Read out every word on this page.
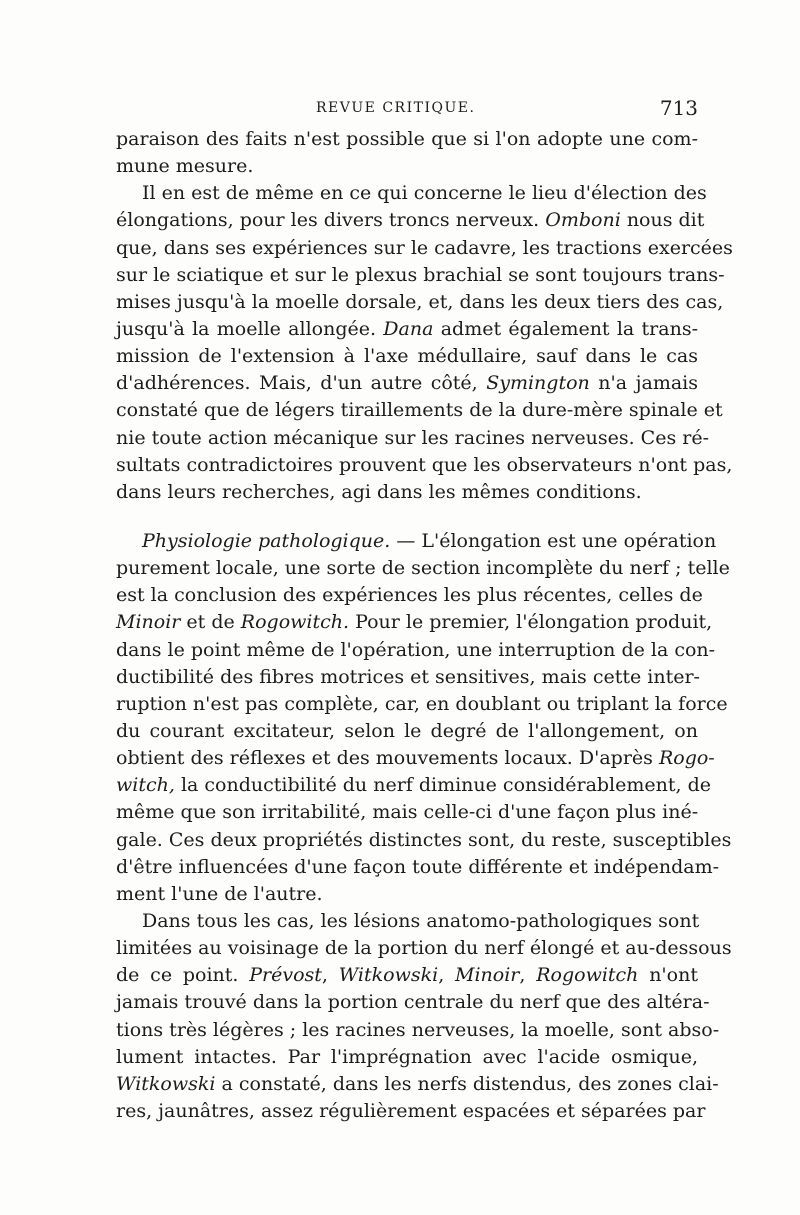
REVUE CRITIQUE.	713
paraison des faits n'est possible que si l'on adopte une com-
mune mesure.
Il en est de même en ce qui concerne le lieu d'élection des
élongations, pour les divers troncs nerveux. Omboni nous dit
que, dans ses expériences sur le cadavre, les tractions exercées
sur le sciatique et sur le plexus brachial se sont toujours trans-
mises jusqu'à la moelle dorsale, et, dans les deux tiers des cas,
jusqu'à la moelle allongée. Dana admet également la trans-
mission de l'extension à l'axe médullaire, sauf dans le cas
d'adhérences. Mais, d'un autre côté, Symington n'a jamais
constaté que de légers tiraillements de la dure-mère spinale et
nie toute action mécanique sur les racines nerveuses. Ces ré-
sultats contradictoires prouvent que les observateurs n'ont pas,
dans leurs recherches, agi dans les mêmes conditions.
Physiologie pathologique. — L'élongation est une opération
purement locale, une sorte de section incomplète du nerf ; telle
est la conclusion des expériences les plus récentes, celles de
Minoir et de Rogowitch. Pour le premier, l'élongation produit,
dans le point même de l'opération, une interruption de la con-
ductibilité des fibres motrices et sensitives, mais cette inter-
ruption n'est pas complète, car, en doublant ou triplant la force
du courant excitateur, selon le degré de l'allongement, on
obtient des réflexes et des mouvements locaux. D'après Rogo-
witch, la conductibilité du nerf diminue considérablement, de
même que son irritabilité, mais celle-ci d'une façon plus iné-
gale. Ces deux propriétés distinctes sont, du reste, susceptibles
d'être influencées d'une façon toute différente et indépendam-
ment l'une de l'autre.
Dans tous les cas, les lésions anatomo-pathologiques sont
limitées au voisinage de la portion du nerf élongé et au-dessous
de ce point. Prévost, Witkowski, Minoir, Rogowitch n'ont
jamais trouvé dans la portion centrale du nerf que des altéra-
tions très légères ; les racines nerveuses, la moelle, sont abso-
lument intactes. Par l'imprégnation avec l'acide osmique,
Witkowski a constaté, dans les nerfs distendus, des zones clai-
res, jaunâtres, assez régulièrement espacées et séparées par
